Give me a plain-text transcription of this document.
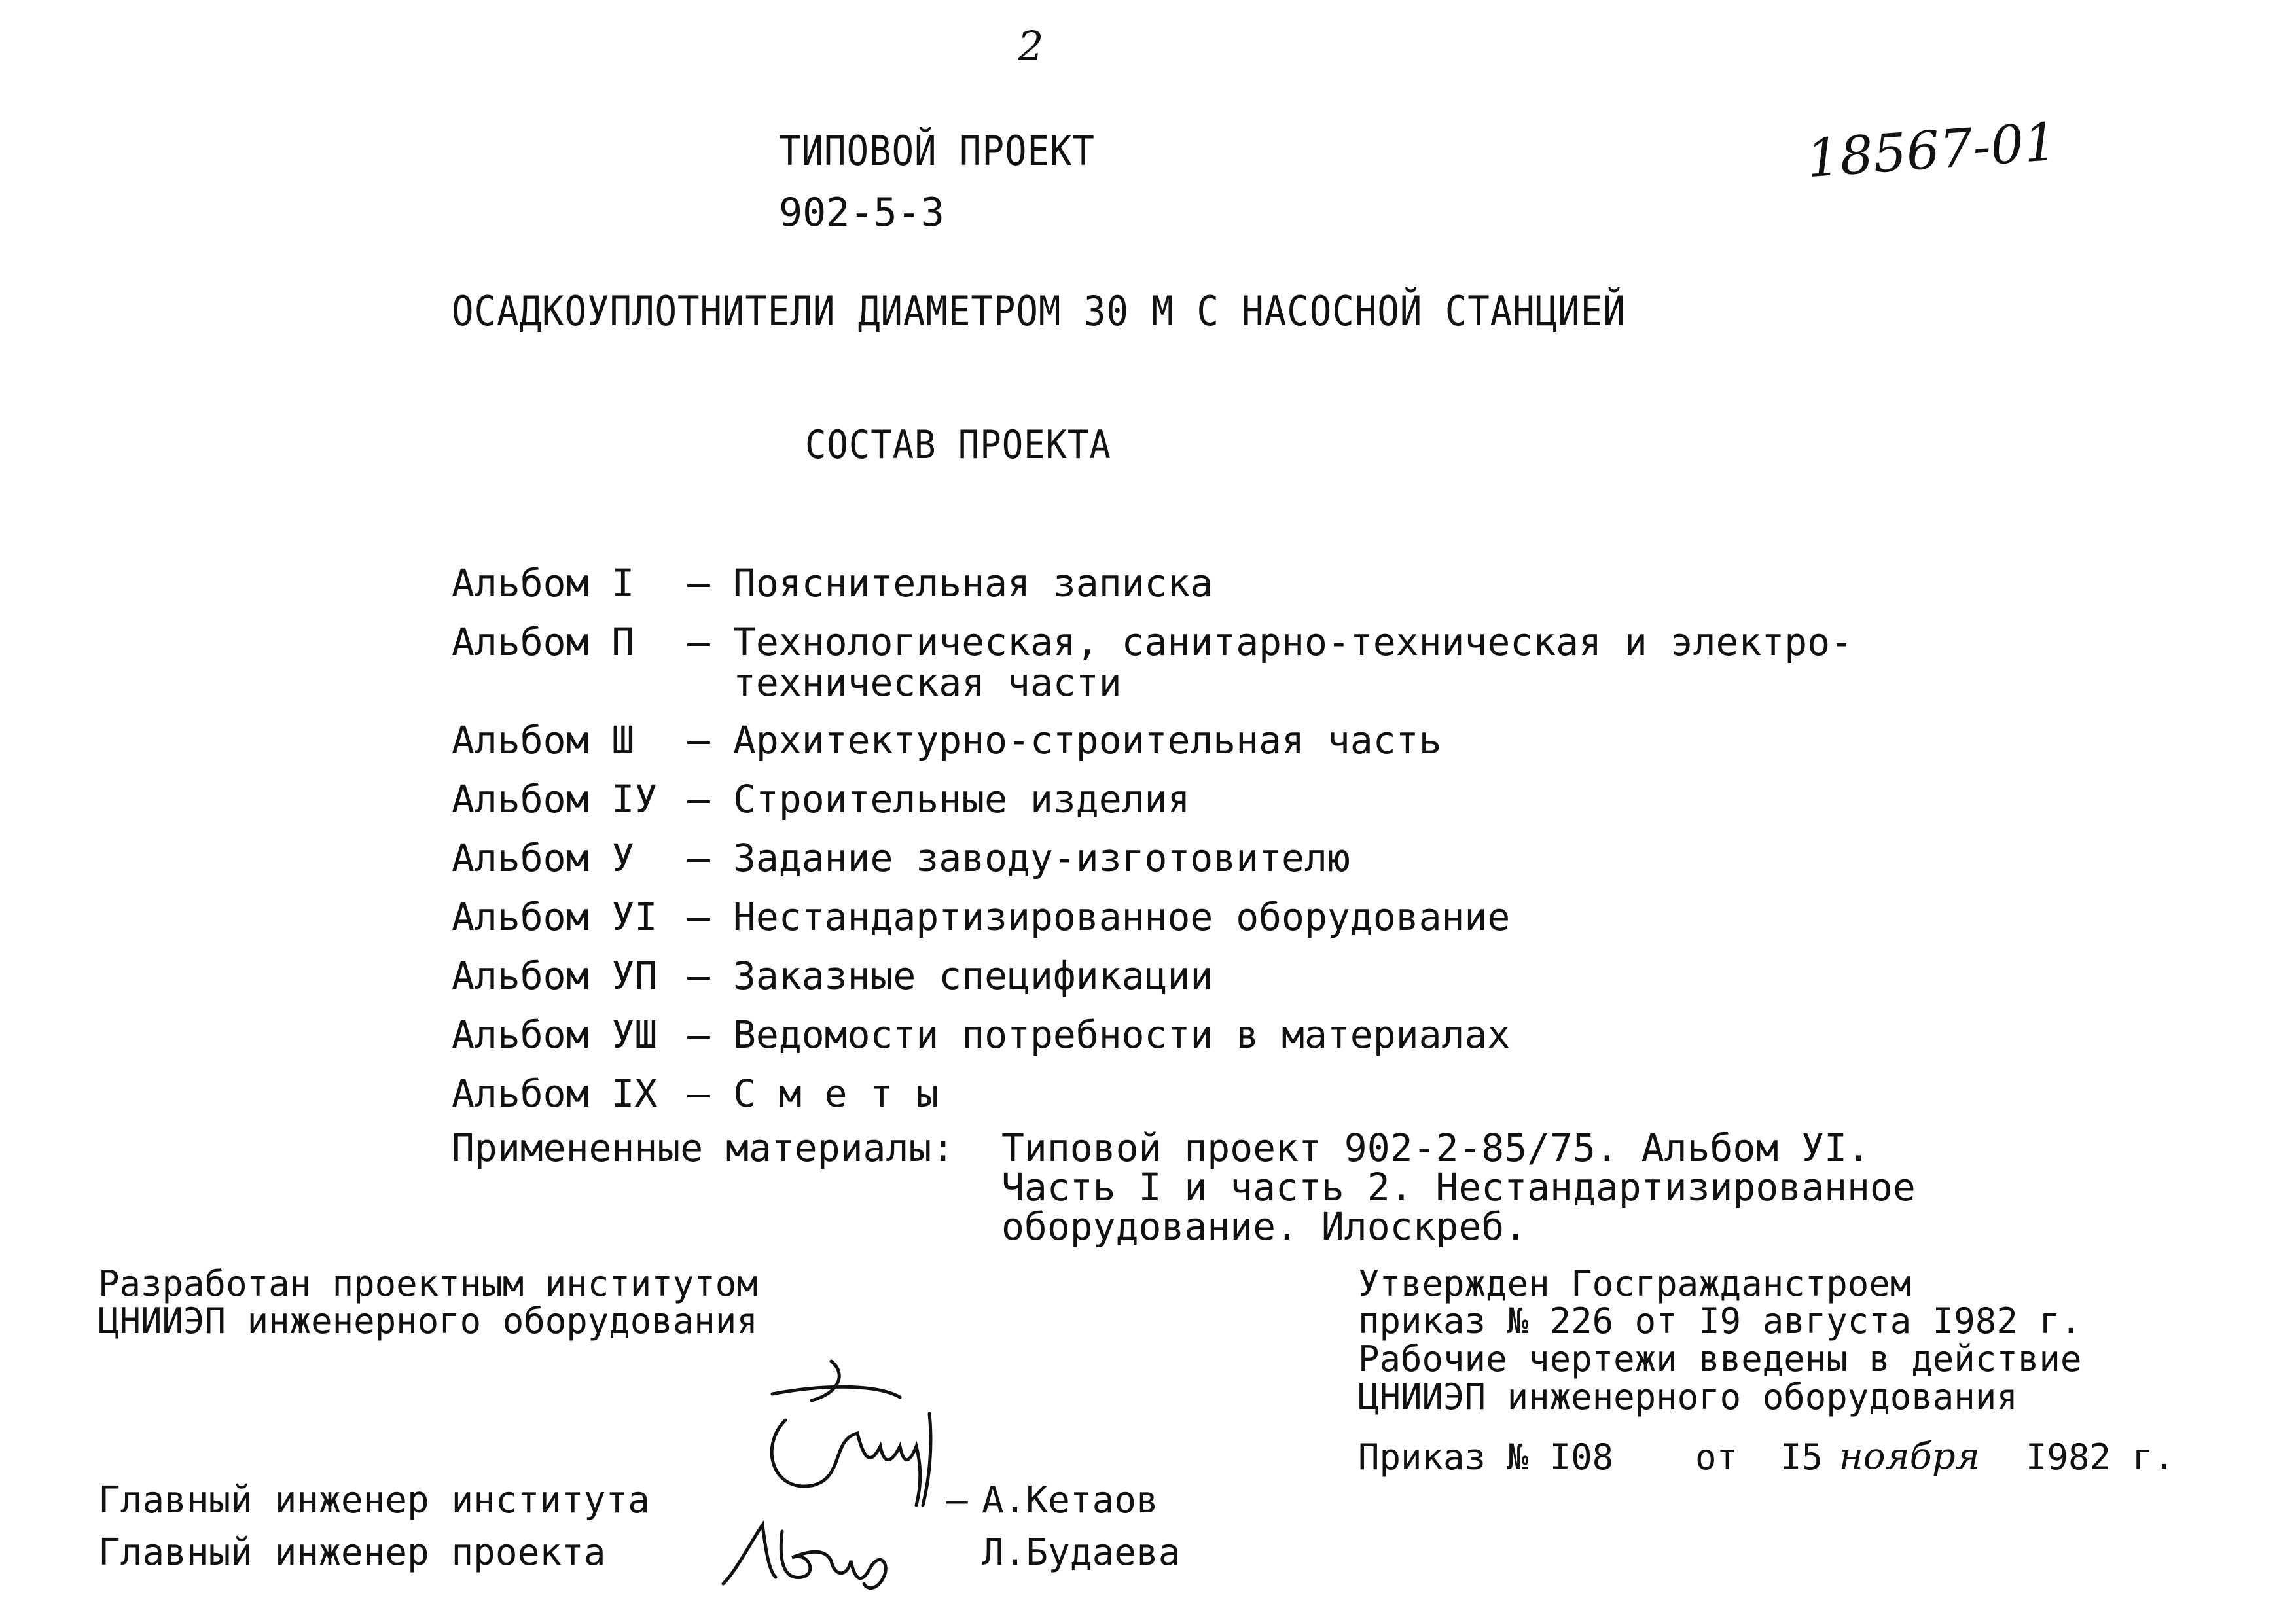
2
18567-01
ТИПОВОЙ ПРОЕКТ
902-5-3
ОСАДКОУПЛОТНИТЕЛИ ДИАМЕТРОМ 30 М С НАСОСНОЙ СТАНЦИЕЙ
СОСТАВ ПРОЕКТА
Альбом I – Пояснительная записка
Альбом П – Технологическая, санитарно-техническая и электро-техническая части
Альбом Ш – Архитектурно-строительная часть
Альбом IУ – Строительные изделия
Альбом У – Задание заводу-изготовителю
Альбом УI – Нестандартизированное оборудование
Альбом УП – Заказные спецификации
Альбом УШ – Ведомости потребности в материалах
Альбом IX – С м е т ы
Примененные материалы: Типовой проект 902-2-85/75. Альбом УI.
Часть I и часть 2. Нестандартизированное
оборудование. Илоскреб.
Разработан проектным институтом
ЦНИИЭП инженерного оборудования
Утвержден Госгражданстроем
приказ № 226 от I9 августа I982 г.
Рабочие чертежи введены в действие
ЦНИИЭП инженерного оборудования
Приказ № I08 от I5 ноября I982 г.
Главный инженер института	– А.Кетаов
Главный инженер проекта	Л.Будаева
